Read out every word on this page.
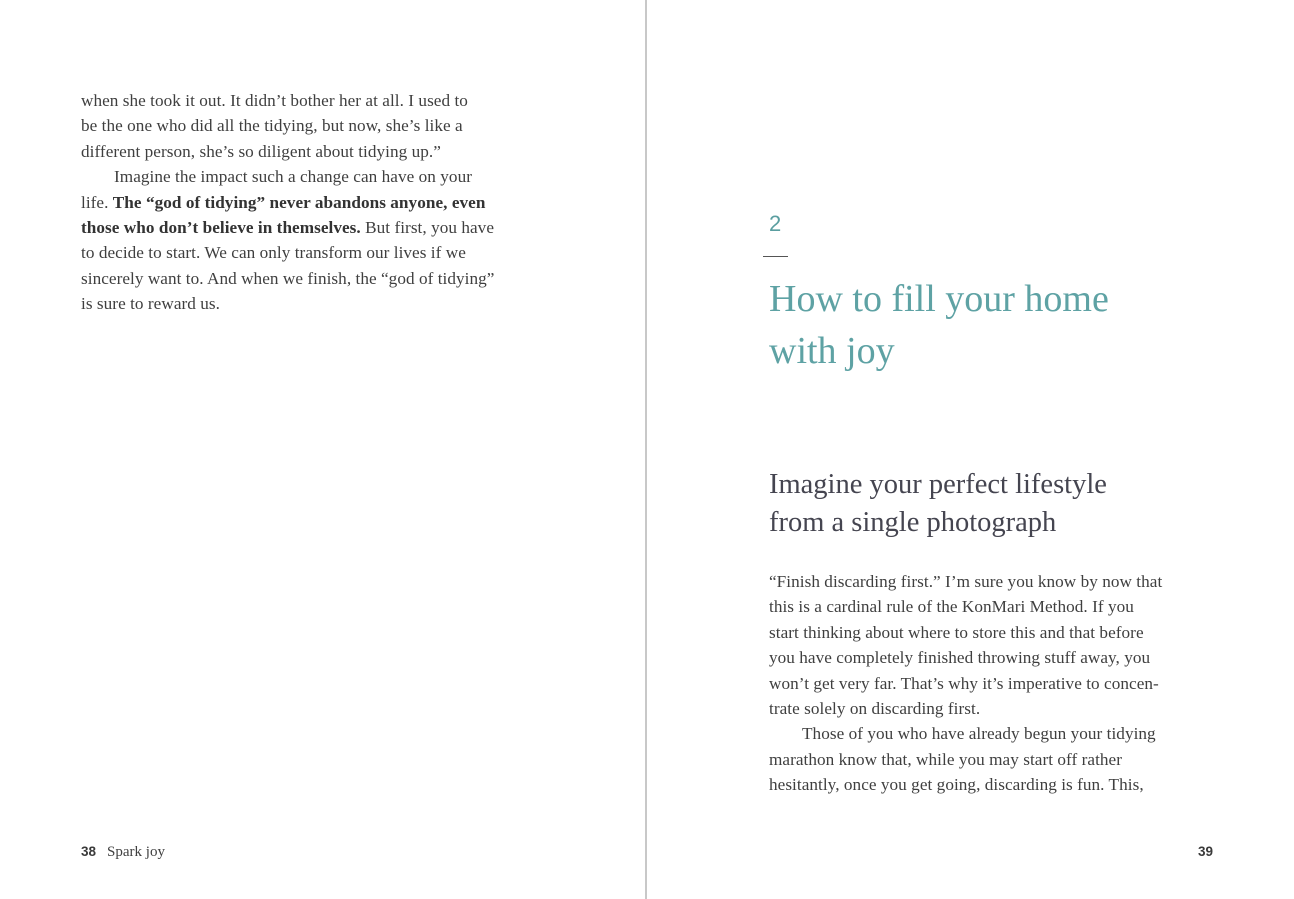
when she took it out. It didn’t bother her at all. I used to
be the one who did all the tidying, but now, she’s like a
different person, she’s so diligent about tidying up.”

Imagine the impact such a change can have on your
life. The “god of tidying” never abandons anyone, even
those who don’t believe in themselves. But first, you have
to decide to start. We can only transform our lives if we
sincerely want to. And when we finish, the “god of tidying”
is sure to reward us.

38 Spark joy
2
How to fill your home
with joy
Imagine your perfect lifestyle
from a single photograph

“Finish discarding first.” I’m sure you know by now that
this is a cardinal rule of the KonMari Method. If you
start thinking about where to store this and that before
you have completely finished throwing stuff away, you
won’t get very far. That’s why it’s imperative to concen-
trate solely on discarding first.

Those of you who have already begun your tidying
marathon know that, while you may start off rather
hesitantly, once you get going, discarding is fun. This,

39
